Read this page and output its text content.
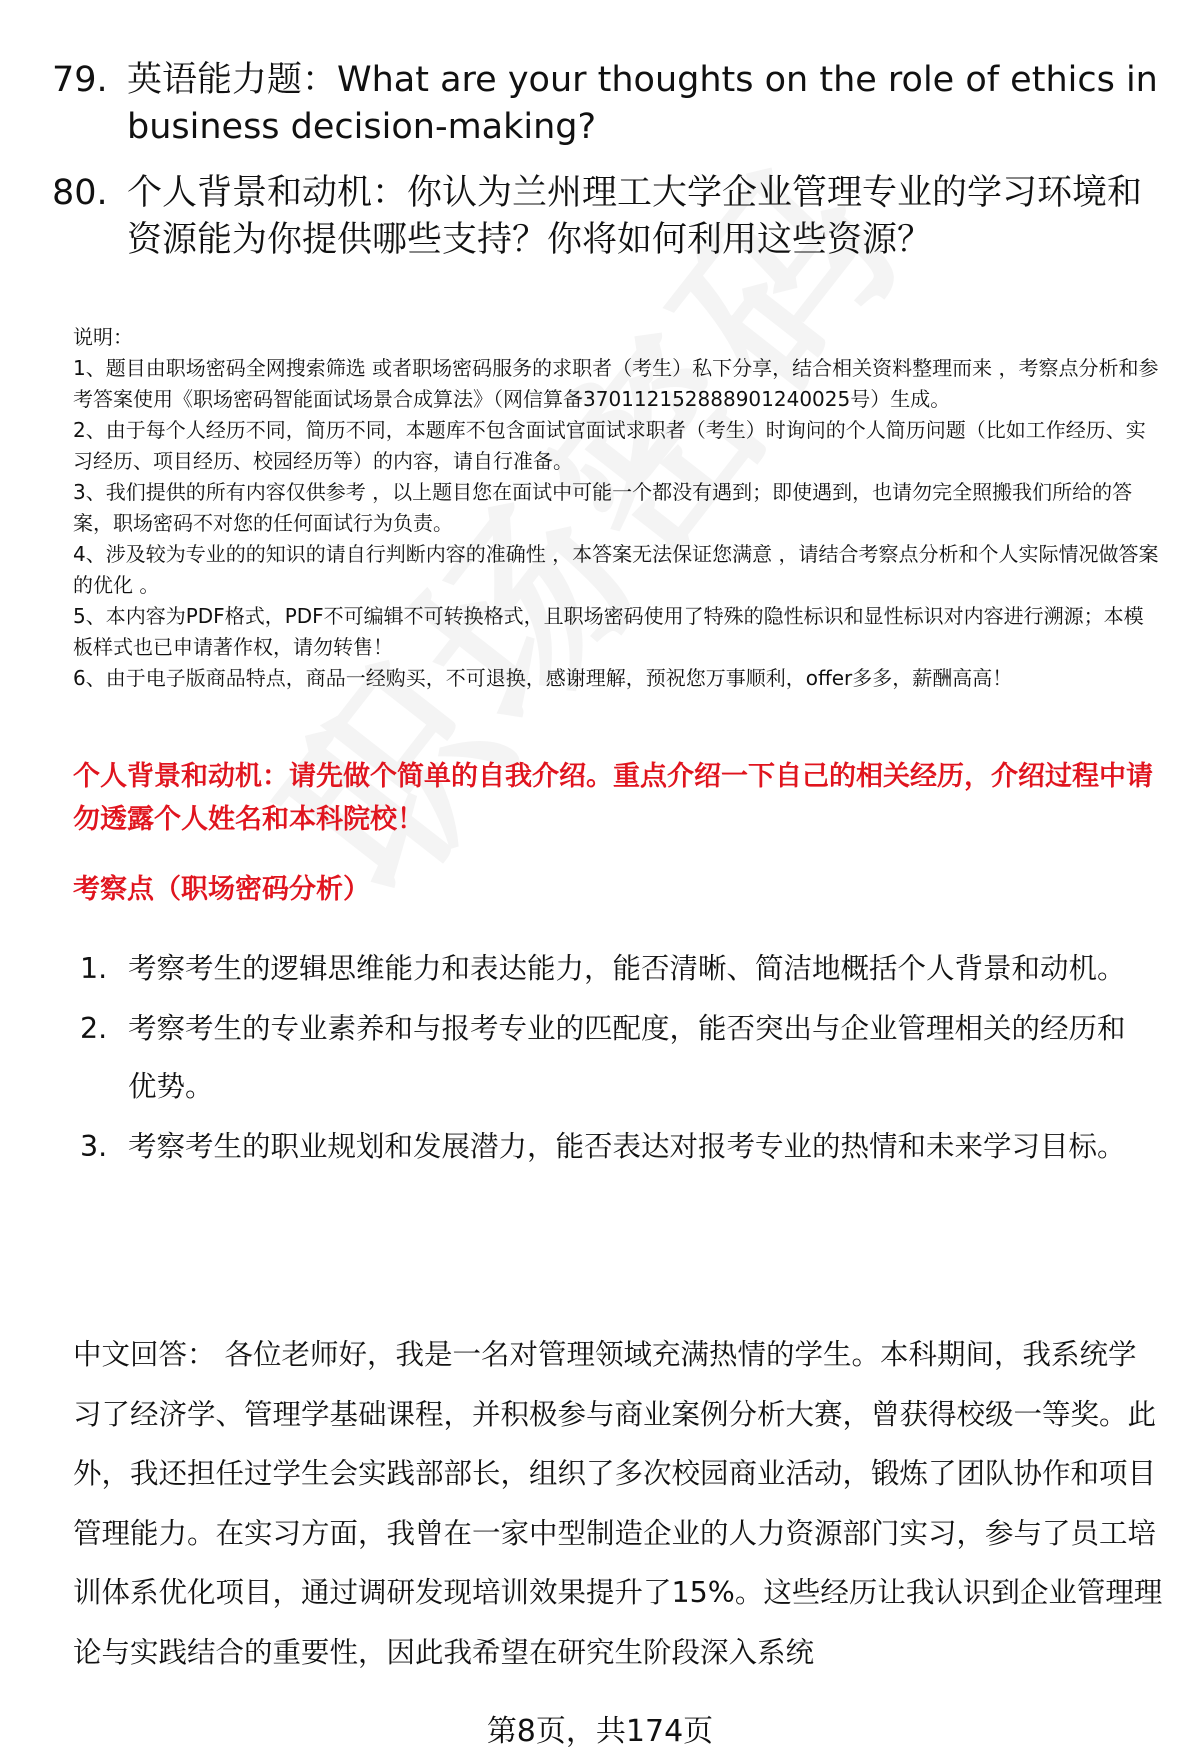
79. 英语能力题：What are your thoughts on the role of ethics in business decision-making?
80. 个人背景和动机：你认为兰州理工大学企业管理专业的学习环境和资源能为你提供哪些支持？你将如何利用这些资源？
说明：
1、题目由职场密码全网搜索筛选 或者职场密码服务的求职者（考生）私下分享，结合相关资料整理而来 ，考察点分析和参考答案使用《职场密码智能面试场景合成算法》（网信算备370112152888901240025号）生成。
2、由于每个人经历不同，简历不同，本题库不包含面试官面试求职者（考生）时询问的个人简历问题（比如工作经历、实习经历、项目经历、校园经历等）的内容，请自行准备。
3、我们提供的所有内容仅供参考 ，以上题目您在面试中可能一个都没有遇到；即使遇到，也请勿完全照搬我们所给的答案，职场密码不对您的任何面试行为负责。
4、涉及较为专业的的知识的请自行判断内容的准确性 ，本答案无法保证您满意 ，请结合考察点分析和个人实际情况做答案的优化 。
5、本内容为PDF格式，PDF不可编辑不可转换格式，且职场密码使用了特殊的隐性标识和显性标识对内容进行溯源；本模板样式也已申请著作权，请勿转售！
6、由于电子版商品特点，商品一经购买，不可退换，感谢理解，预祝您万事顺利，offer多多，薪酬高高！
个人背景和动机：请先做个简单的自我介绍。重点介绍一下自己的相关经历，介绍过程中请勿透露个人姓名和本科院校！
考察点（职场密码分析）
1. 考察考生的逻辑思维能力和表达能力，能否清晰、简洁地概括个人背景和动机。
2. 考察考生的专业素养和与报考专业的匹配度，能否突出与企业管理相关的经历和优势。
3. 考察考生的职业规划和发展潜力，能否表达对报考专业的热情和未来学习目标。
中文回答： 各位老师好，我是一名对管理领域充满热情的学生。本科期间，我系统学习了经济学、管理学基础课程，并积极参与商业案例分析大赛，曾获得校级一等奖。此外，我还担任过学生会实践部部长，组织了多次校园商业活动，锻炼了团队协作和项目管理能力。在实习方面，我曾在一家中型制造企业的人力资源部门实习，参与了员工培训体系优化项目，通过调研发现培训效果提升了15%。这些经历让我认识到企业管理理论与实践结合的重要性，因此我希望在研究生阶段深入系统
第8页，共174页
